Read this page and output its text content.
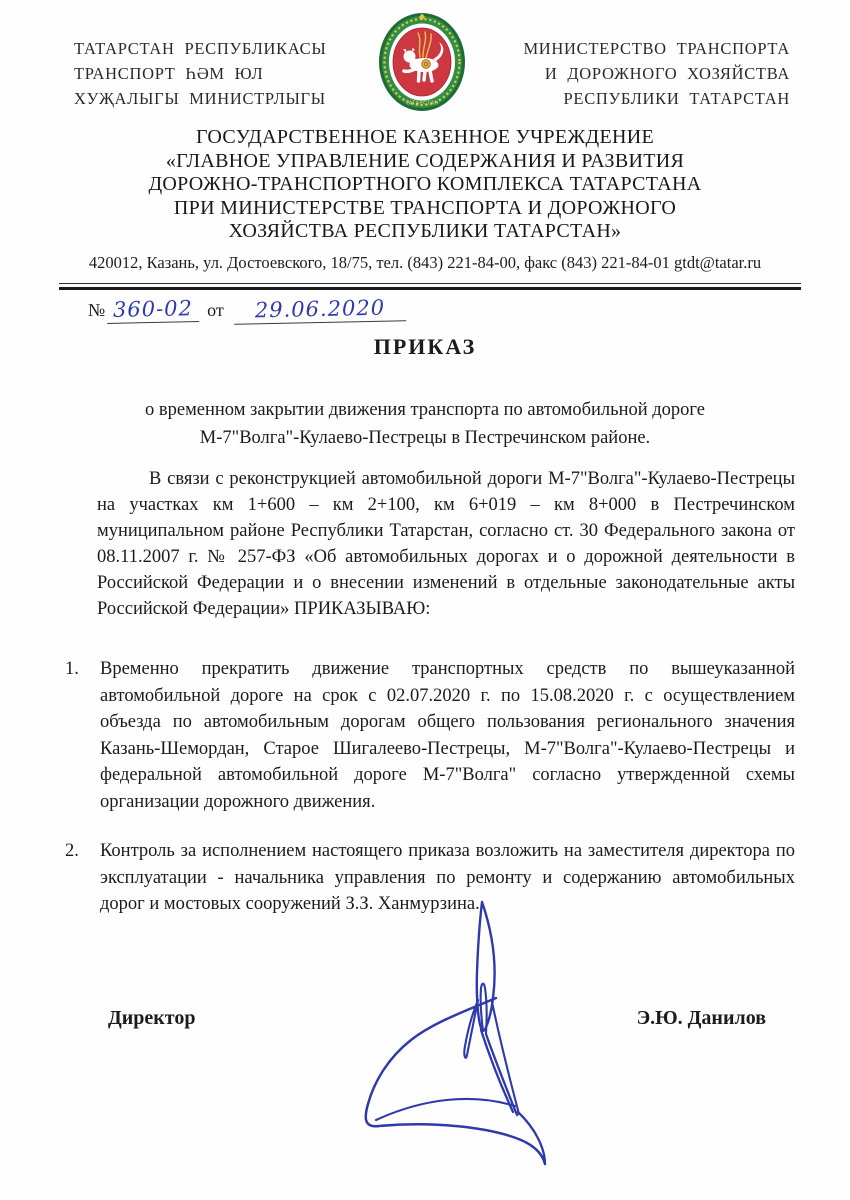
ТАТАРСТАН РЕСПУБЛИКАСЫ
ТРАНСПОРТ ҺӘМ ЮЛ
ХУҖАЛЫГЫ МИНИСТРЛЫГЫ	ТАТАРСТАН
МИНИСТЕРСТВО ТРАНСПОРТА
И ДОРОЖНОГО ХОЗЯЙСТВА
РЕСПУБЛИКИ ТАТАРСТАН
ГОСУДАРСТВЕННОЕ КАЗЕННОЕ УЧРЕЖДЕНИЕ
«ГЛАВНОЕ УПРАВЛЕНИЕ СОДЕРЖАНИЯ И РАЗВИТИЯ
ДОРОЖНО-ТРАНСПОРТНОГО КОМПЛЕКСА ТАТАРСТАНА
ПРИ МИНИСТЕРСТВЕ ТРАНСПОРТА И ДОРОЖНОГО
ХОЗЯЙСТВА РЕСПУБЛИКИ ТАТАРСТАН»
420012, Казань, ул. Достоевского, 18/75, тел. (843) 221-84-00, факс (843) 221-84-01 gtdt@tatar.ru
№ 360-02 от	29.06.2020
ПРИКАЗ
о временном закрытии движения транспорта по автомобильной дороге
М-7"Волга"-Кулаево-Пестрецы в Пестречинском районе.

В связи с реконструкцией автомобильной дороги М-7"Волга"-Кулаево-Пестрецы на участках км 1+600 – км 2+100, км 6+019 – км 8+000 в Пестречинском муниципальном районе Республики Татарстан, согласно ст. 30 Федерального закона от 08.11.2007 г. № 257-ФЗ «Об автомобильных дорогах и о дорожной деятельности в Российской Федерации и о внесении изменений в отдельные законодательные акты Российской Федерации» ПРИКАЗЫВАЮ:

1.	Временно прекратить движение транспортных средств по вышеуказанной автомобильной дороге на срок с 02.07.2020 г. по 15.08.2020 г. с осуществлением объезда по автомобильным дорогам общего пользования регионального значения Казань-Шемордан, Старое Шигалеево-Пестрецы, М-7"Волга"-Кулаево-Пестрецы и федеральной автомобильной дороге М-7"Волга" согласно утвержденной схемы организации дорожного движения.
2.	Контроль за исполнением настоящего приказа возложить на заместителя директора по эксплуатации - начальника управления по ремонту и содержанию автомобильных дорог и мостовых сооружений З.З. Ханмурзина.
Директор	Э.Ю. Данилов
